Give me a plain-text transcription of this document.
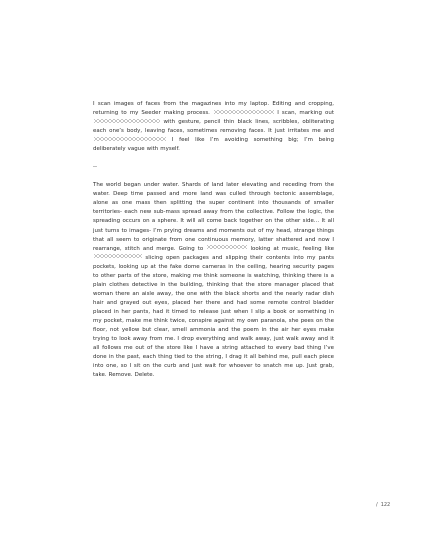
I scan images of faces from the magazines into my laptop. Editing and cropping, returning to my Seeder making process.	I scan, marking out  with gesture, pencil thin black lines, scribbles, obliterating each one’s body, leaving faces, sometimes removing faces. It just irritates me and  I feel like I’m avoiding something big; I’m being deliberately vague with myself.

--

The world began under water. Shards of land later elevating and receding from the water. Deep time passed and more land was culled through tectonic assemblage, alone as one mass then splitting the super continent into thousands of smaller territories- each new sub-mass spread away from the collective. Follow the logic, the spreading occurs on a sphere. It will all come back together on the other side... It all just turns to images- I’m prying dreams and moments out of my head, strange things that all seem to originate from one continuous memory, latter shattered and now I rearrange, stitch and merge. Going to	looking at music, feeling like  slicing open packages and slipping their contents into my pants pockets, looking up at the fake dome cameras in the ceiling, hearing security pages to other parts of the store, making me think someone is watching, thinking there is a plain clothes detective in the building, thinking that the store manager placed that woman there an aisle away, the one with the black shorts and the nearly radar dish hair and grayed out eyes, placed her there and had some remote control bladder placed in her pants, had it timed to release just when I slip a book or something in my pocket, make me think twice, conspire against my own paranoia, she pees on the floor, not yellow but clear, smell ammonia and the poem in the air her eyes make trying to look away from me. I drop everything and walk away, just walk away and it all follows me out of the store like I have a string attached to every bad thing I’ve done in the past, each thing tied to the string, I drag it all behind me, pull each piece into one, so I sit on the curb and just wait for whoever to snatch me up. Just grab, take. Remove. Delete.

/ 122
